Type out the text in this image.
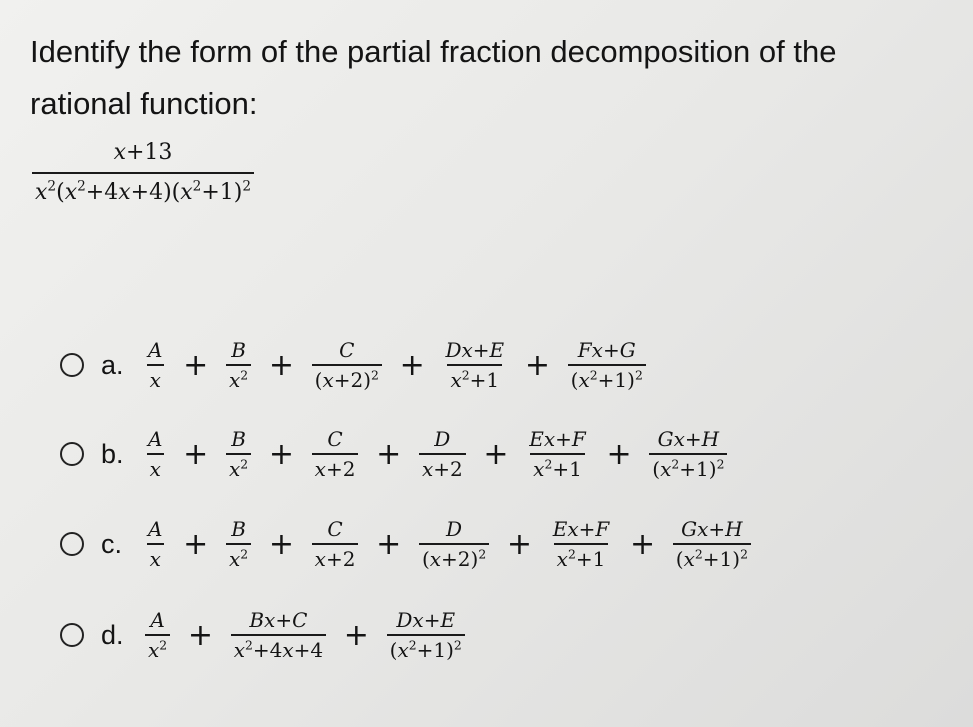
Identify the form of the partial fraction decomposition of the
rational function:
$\frac{x+13}{x^2(x^2+4x+4)(x^2+1)^2}$
a.	$\frac{A}{x} + \frac{B}{x^2} + \frac{C}{(x+2)^2} + \frac{Dx+E}{x^2+1} + \frac{Fx+G}{(x^2+1)^2}$
b.	$\frac{A}{x} + \frac{B}{x^2} + \frac{C}{x+2} + \frac{D}{x+2} + \frac{Ex+F}{x^2+1} + \frac{Gx+H}{(x^2+1)^2}$
c.	$\frac{A}{x} + \frac{B}{x^2} + \frac{C}{x+2} + \frac{D}{(x+2)^2} + \frac{Ex+F}{x^2+1} + \frac{Gx+H}{(x^2+1)^2}$
d.	$\frac{A}{x^2} + \frac{Bx+C}{x^2+4x+4} + \frac{Dx+E}{(x^2+1)^2}$
